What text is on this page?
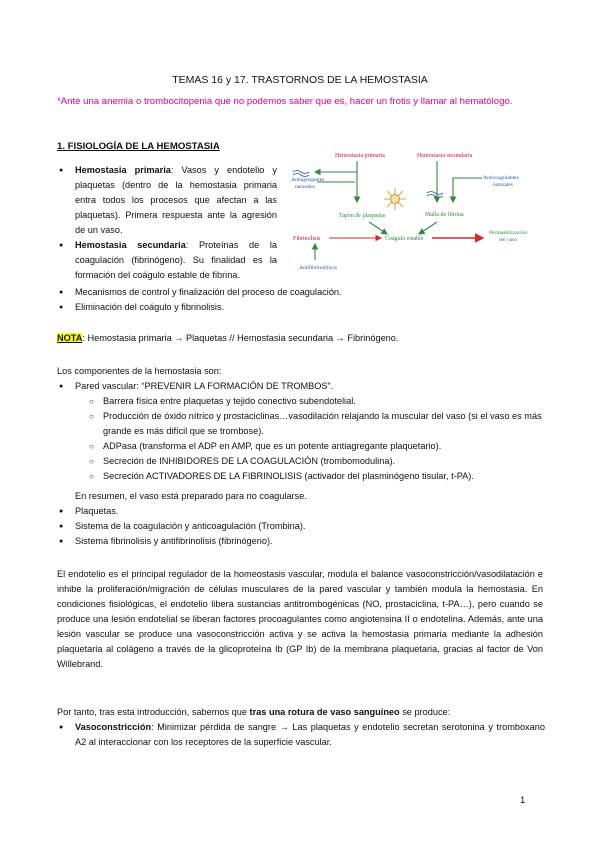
TEMAS 16 y 17. TRASTORNOS DE LA HEMOSTASIA
*Ante una anemia o trombocitopenia que no podemos saber que es, hacer un frotis y llamar al hematólogo.
1. FISIOLOGÍA DE LA HEMOSTASIA
● Hemostasia primaria: Vasos y endotelio y plaquetas (dentro de la hemostasia primaria entra todos los procesos que afectan a las plaquetas). Primera respuesta ante la agresión de un vaso.
● Hemostasia secundaria: Proteínas de la coagulación (fibrinógeno). Su finalidad es la formación del coágulo estable de fibrina.
● Mecanismos de control y finalización del proceso de coagulación.
● Eliminación del coágulo y fibrinolisis.
NOTA: Hemostasia primaria → Plaquetas // Hemostasia secundaria → Fibrinógeno.
Hemostasia primaria	Hemostasia secundaria
Antiagregantes
naturales
Anticoagulantes
naturales
Tapón de plaquetas	Malla de fibrina
Fibrinolisis	Coágulo estable
Permeabilización
del vaso
Antifibrinolíticos
Los componentes de la hemostasia son:
● Pared vascular: “PREVENIR LA FORMACIÓN DE TROMBOS”.
○ Barrera física entre plaquetas y tejido conectivo subendotelial.
○ Producción de óxido nítrico y prostaciclinas…vasodilación relajando la muscular del vaso (si el vaso es más grande es más difícil que se trombose).
○ ADPasa (transforma el ADP en AMP, que es un potente antiagregante plaquetario).
○ Secreción de INHIBIDORES DE LA COAGULACIÓN (trombomodulina).
○ Secreción ACTIVADORES DE LA FIBRINOLISIS (activador del plasminógeno tisular, t-PA).
En resumen, el vaso está preparado para no coagularse.
● Plaquetas.
● Sistema de la coagulación y anticoagulación (Trombina).
● Sistema fibrinolisis y antifibrinolisis (fibrinógeno).
El endotelio es el principal regulador de la homeostasis vascular, modula el balance vasoconstricción/vasodilatación e inhibe la proliferación/migración de células musculares de la pared vascular y también modula la hemostasia. En condiciones fisiológicas, el endotelio libera sustancias antitrombogénicas (NO, prostaciclina, t-PA…), pero cuando se produce una lesión endotelial se liberan factores procoagulantes como angiotensina II o endotelina. Además, ante una lesión vascular se produce una vasoconstricción activa y se activa la hemostasia primaria mediante la adhesión plaquetaria al colágeno a través de la glicoproteína Ib (GP Ib) de la membrana plaquetaria, gracias al factor de Von Willebrand.
Por tanto, tras esta introducción, sabemos que tras una rotura de vaso sanguíneo se produce:
● Vasoconstricción: Minimizar pérdida de sangre → Las plaquetas y endotelio secretan serotonina y tromboxano A2 al interaccionar con los receptores de la superficie vascular.
1
